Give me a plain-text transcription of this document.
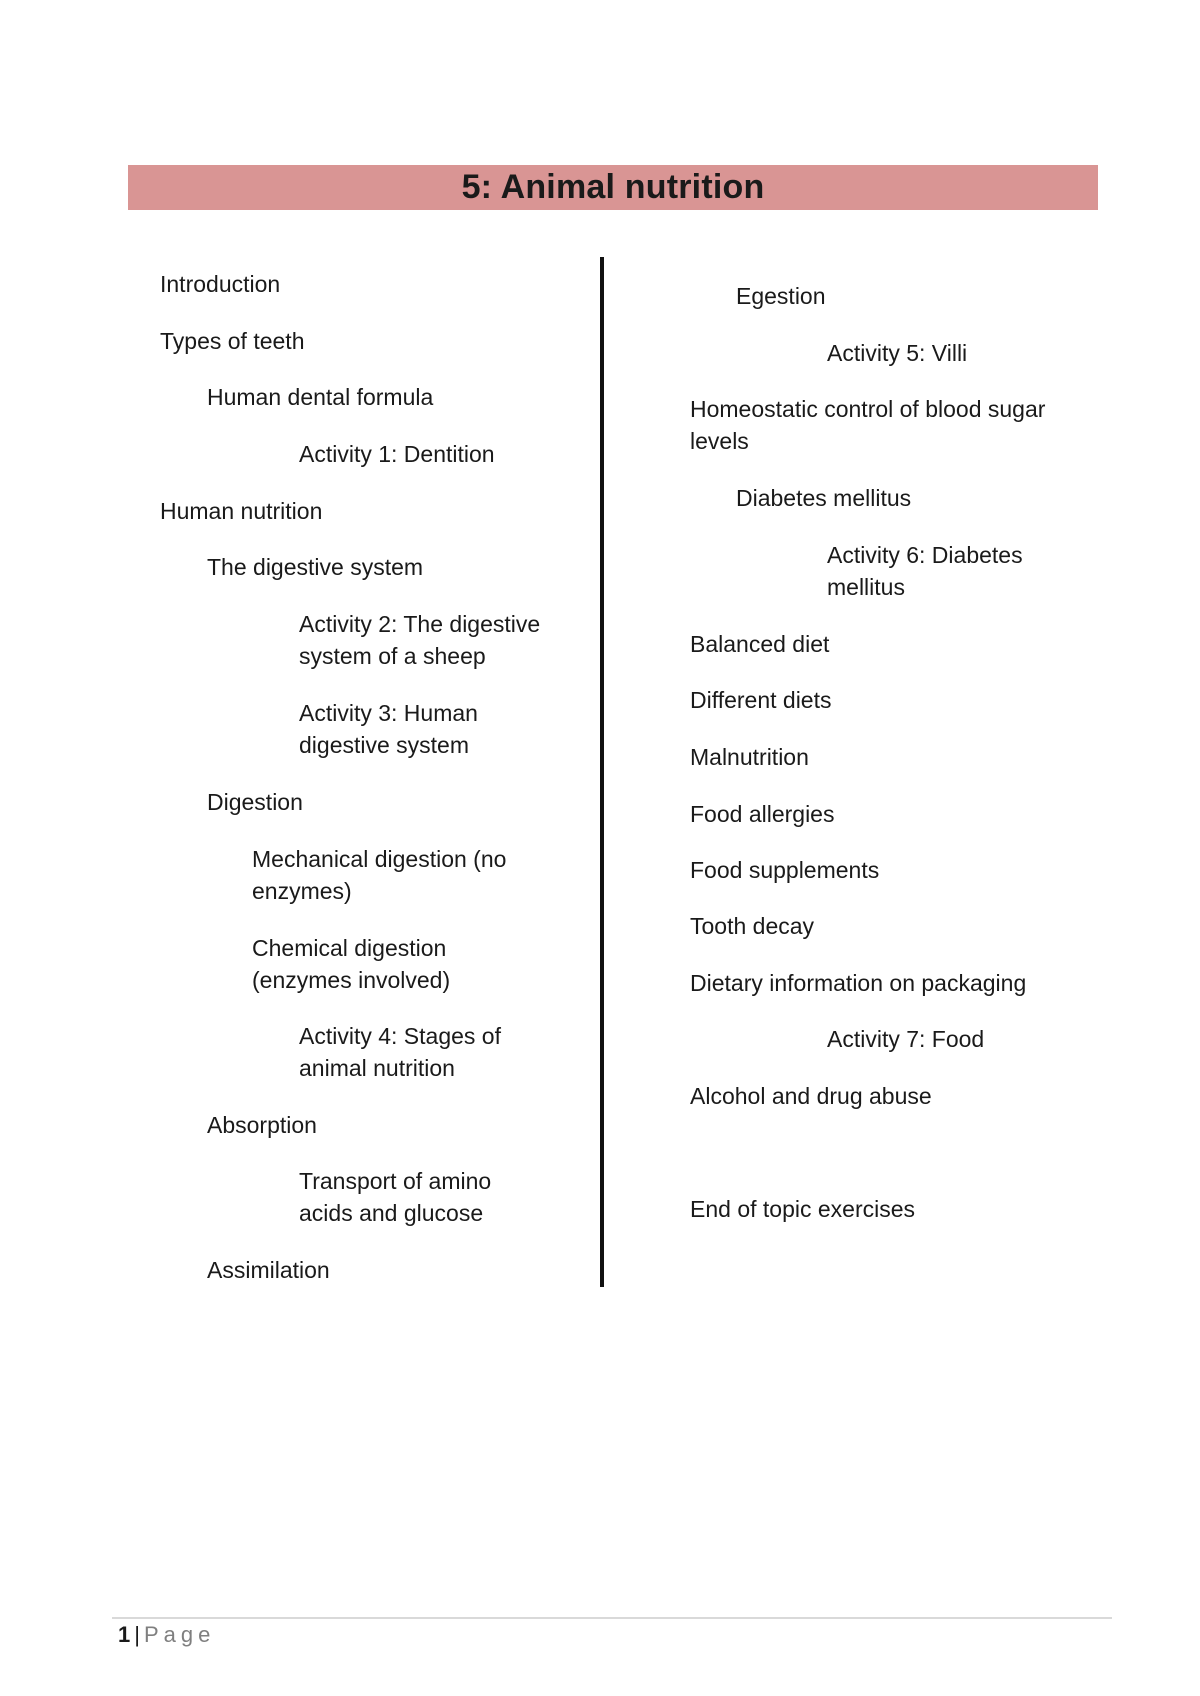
5: Animal nutrition
Introduction
Types of teeth
Human dental formula
Activity 1: Dentition
Human nutrition
The digestive system
Activity 2: The digestive system of a sheep
Activity 3: Human digestive system
Digestion
Mechanical digestion (no enzymes)
Chemical digestion (enzymes involved)
Activity 4: Stages of animal nutrition
Absorption
Transport of amino acids and glucose
Assimilation
Egestion
Activity 5: Villi
Homeostatic control of blood sugar levels
Diabetes mellitus
Activity 6: Diabetes mellitus
Balanced diet
Different diets
Malnutrition
Food allergies
Food supplements
Tooth decay
Dietary information on packaging
Activity 7: Food
Alcohol and drug abuse
End of topic exercises
1 | Page
